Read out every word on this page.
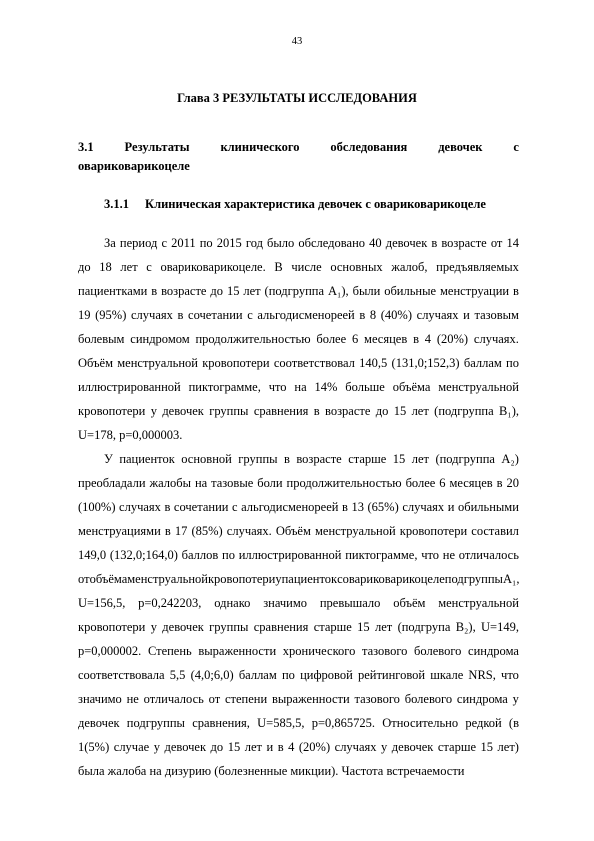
43
Глава 3 РЕЗУЛЬТАТЫ ИССЛЕДОВАНИЯ
3.1 Результаты клинического обследования девочек с
овариковарикоцеле
3.1.1 Клиническая характеристика девочек с овариковарикоцеле
За период с 2011 по 2015 год было обследовано 40 девочек в возрасте от 14
до 18 лет с овариковарикоцеле. В числе основных жалоб, предъявляемых
пациентками в возрасте до 15 лет (подгруппа A₁), были обильные менструации в
19 (95%) случаях в сочетании с альгодисменореей в 8 (40%) случаях и тазовым
болевым синдромом продолжительностью более 6 месяцев в 4 (20%) случаях.
Объём менструальной кровопотери соответствовал 140,5 (131,0;152,3) баллам по
иллюстрированной пиктограмме, что на 14% больше объёма менструальной
кровопотери у девочек группы сравнения в возрасте до 15 лет (подгруппа B₁),
U=178, p=0,000003.
У пациенток основной группы в возрасте старше 15 лет (подгруппа A₂)
преобладали жалобы на тазовые боли продолжительностью более 6 месяцев в 20
(100%) случаях в сочетании с альгодисменореей в 13 (65%) случаях и обильными
менструациями в 17 (85%) случаях. Объём менструальной кровопотери составил
149,0 (132,0;164,0) баллов по иллюстрированной пиктограмме, что не отличалось
от объёма менструальной кровопотери у пациенток с овариковарикоцеле подгруппы A₁,
U=156,5, p=0,242203, однако значимо превышало объём менструальной
кровопотери у девочек группы сравнения старше 15 лет (подгрупа B₂), U=149,
p=0,000002. Степень выраженности хронического тазового болевого синдрома
соответствовала 5,5 (4,0;6,0) баллам по цифровой рейтинговой шкале NRS, что
значимо не отличалось от степени выраженности тазового болевого синдрома у
девочек подгруппы сравнения, U=585,5, p=0,865725. Относительно редкой (в
1(5%) случае у девочек до 15 лет и в 4 (20%) случаях у девочек старше 15 лет)
была жалоба на дизурию (болезненные микции). Частота встречаемости
